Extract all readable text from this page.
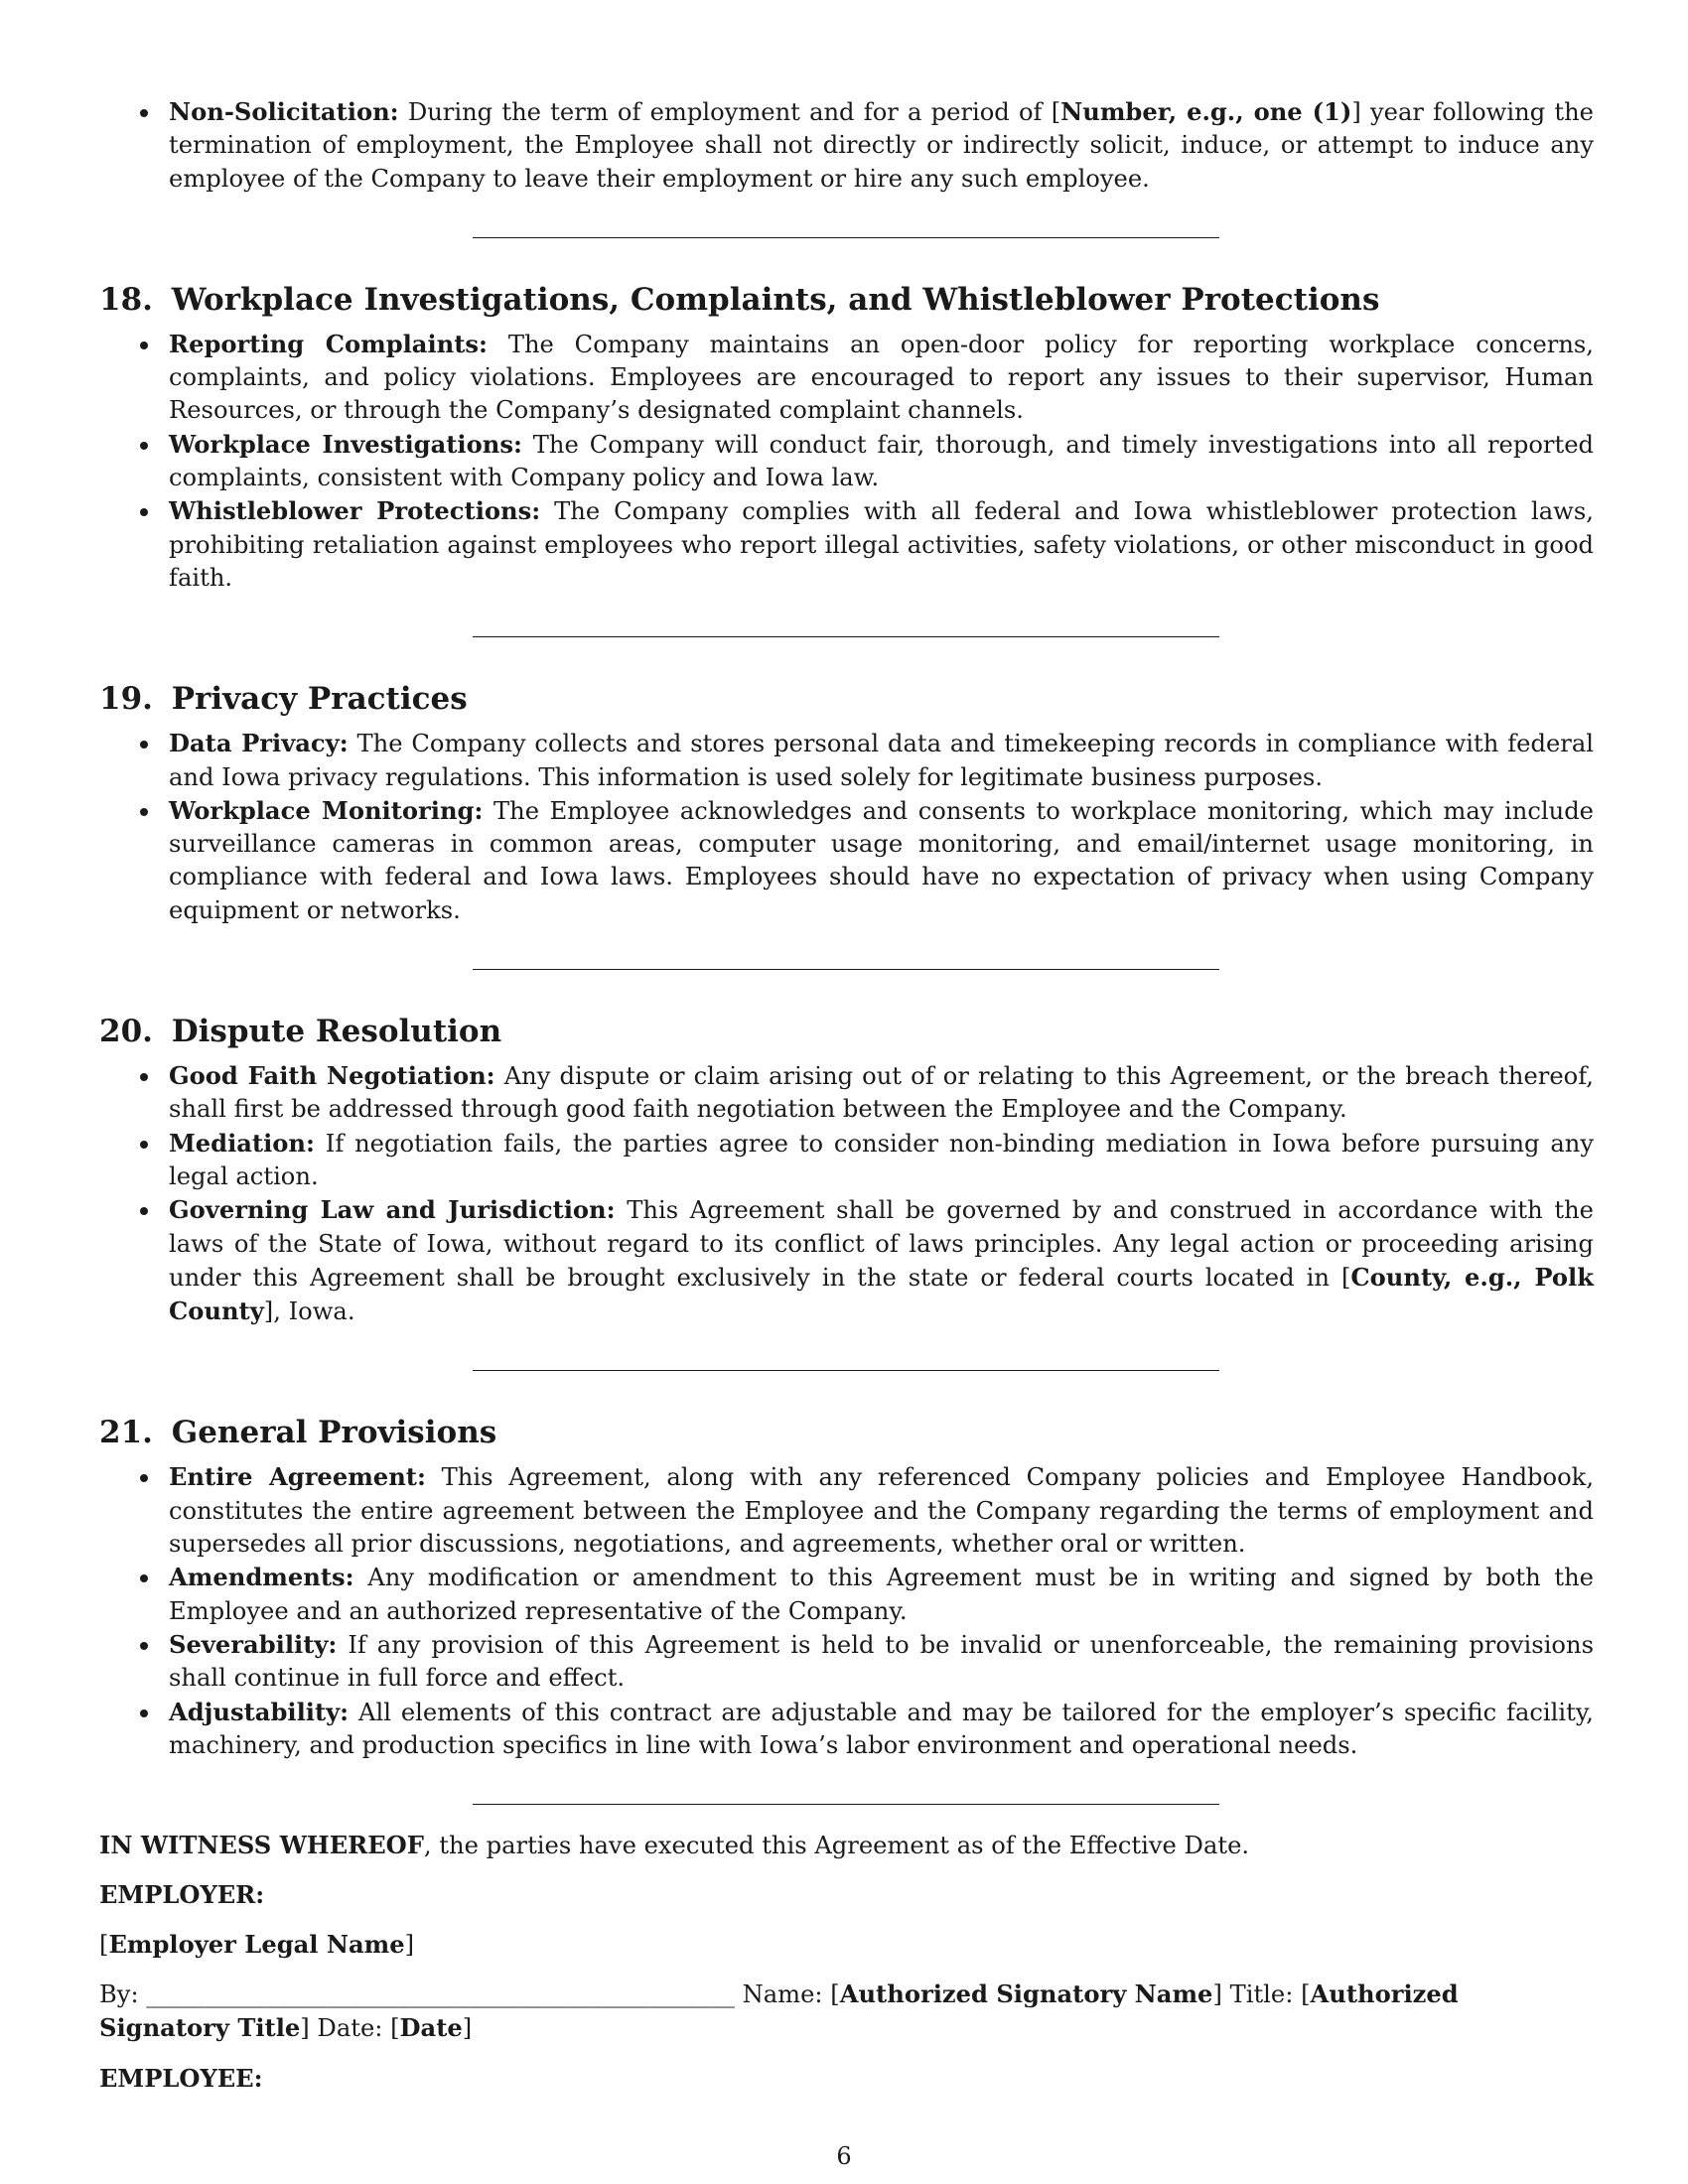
Non-Solicitation: During the term of employment and for a period of [Number, e.g., one (1)] year following the termination of employment, the Employee shall not directly or indirectly solicit, induce, or attempt to induce any employee of the Company to leave their employment or hire any such employee.
18. Workplace Investigations, Complaints, and Whistleblower Protections
Reporting Complaints: The Company maintains an open-door policy for reporting workplace concerns, complaints, and policy violations. Employees are encouraged to report any issues to their supervisor, Human Resources, or through the Company’s designated complaint channels.
Workplace Investigations: The Company will conduct fair, thorough, and timely investigations into all reported complaints, consistent with Company policy and Iowa law.
Whistleblower Protections: The Company complies with all federal and Iowa whistleblower protection laws, prohibiting retaliation against employees who report illegal activities, safety violations, or other misconduct in good faith.
19. Privacy Practices
Data Privacy: The Company collects and stores personal data and timekeeping records in compliance with federal and Iowa privacy regulations. This information is used solely for legitimate business purposes.
Workplace Monitoring: The Employee acknowledges and consents to workplace monitoring, which may include surveillance cameras in common areas, computer usage monitoring, and email/internet usage monitoring, in compliance with federal and Iowa laws. Employees should have no expectation of privacy when using Company equipment or networks.
20. Dispute Resolution
Good Faith Negotiation: Any dispute or claim arising out of or relating to this Agreement, or the breach thereof, shall first be addressed through good faith negotiation between the Employee and the Company.
Mediation: If negotiation fails, the parties agree to consider non-binding mediation in Iowa before pursuing any legal action.
Governing Law and Jurisdiction: This Agreement shall be governed by and construed in accordance with the laws of the State of Iowa, without regard to its conflict of laws principles. Any legal action or proceeding arising under this Agreement shall be brought exclusively in the state or federal courts located in [County, e.g., Polk County], Iowa.
21. General Provisions
Entire Agreement: This Agreement, along with any referenced Company policies and Employee Handbook, constitutes the entire agreement between the Employee and the Company regarding the terms of employment and supersedes all prior discussions, negotiations, and agreements, whether oral or written.
Amendments: Any modification or amendment to this Agreement must be in writing and signed by both the Employee and an authorized representative of the Company.
Severability: If any provision of this Agreement is held to be invalid or unenforceable, the remaining provisions shall continue in full force and effect.
Adjustability: All elements of this contract are adjustable and may be tailored for the employer’s specific facility, machinery, and production specifics in line with Iowa’s labor environment and operational needs.

IN WITNESS WHEREOF, the parties have executed this Agreement as of the Effective Date.

EMPLOYER:

[Employer Legal Name]

By: _________________________________________________ Name: [Authorized Signatory Name] Title: [Authorized Signatory Title] Date: [Date]

EMPLOYEE:

6
